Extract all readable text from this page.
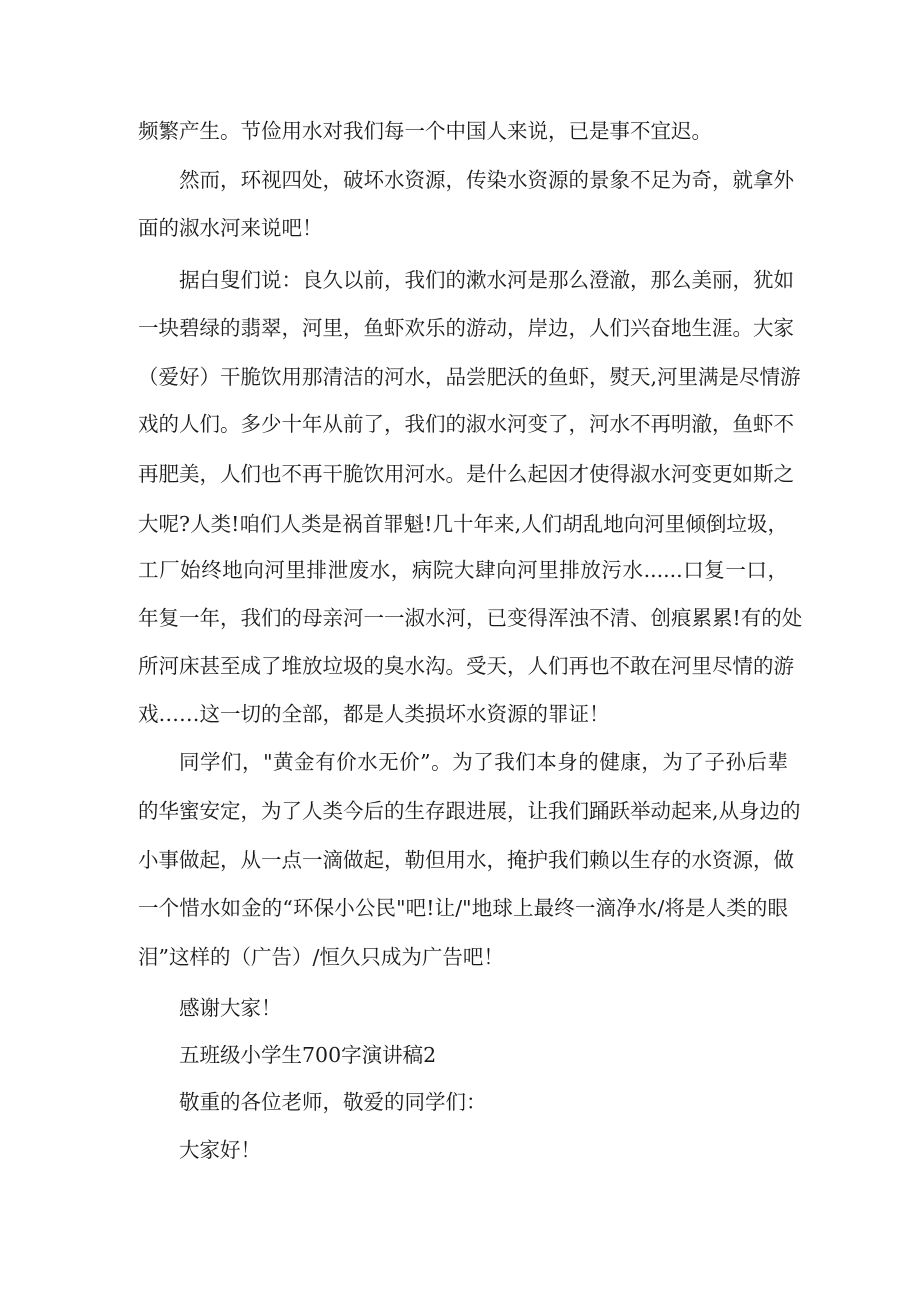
频繁产生。节俭用水对我们每一个中国人来说，已是事不宜迟。
然而，环视四处，破坏水资源，传染水资源的景象不足为奇，就拿外
面的淑水河来说吧！
据白叟们说：良久以前，我们的漱水河是那么澄澈，那么美丽，犹如
一块碧绿的翡翠，河里，鱼虾欢乐的游动，岸边，人们兴奋地生涯。大家
（爱好）干脆饮用那清洁的河水，品尝肥沃的鱼虾，熨天,河里满是尽情游
戏的人们。多少十年从前了，我们的淑水河变了，河水不再明澈，鱼虾不
再肥美，人们也不再干脆饮用河水。是什么起因才使得淑水河变更如斯之
大呢?人类!咱们人类是祸首罪魁!几十年来,人们胡乱地向河里倾倒垃圾，
工厂始终地向河里排泄废水，病院大肆向河里排放污水......口复一口，
年复一年，我们的母亲河一一淑水河，已变得浑浊不清、创痕累累!有的处
所河床甚至成了堆放垃圾的臭水沟。受天，人们再也不敢在河里尽情的游
戏……这一切的全部，都是人类损坏水资源的罪证！
同学们，"黄金有价水无价”。为了我们本身的健康，为了子孙后辈
的华蜜安定，为了人类今后的生存跟进展，让我们踊跃举动起来,从身边的
小事做起，从一点一滴做起，勒但用水，掩护我们赖以生存的水资源，做
一个惜水如金的“环保小公民"吧!让/"地球上最终一滴净水/将是人类的眼
泪”这样的（广告）/恒久只成为广告吧！
感谢大家！
五班级小学生700字演讲稿2
敬重的各位老师，敬爱的同学们：
大家好！
